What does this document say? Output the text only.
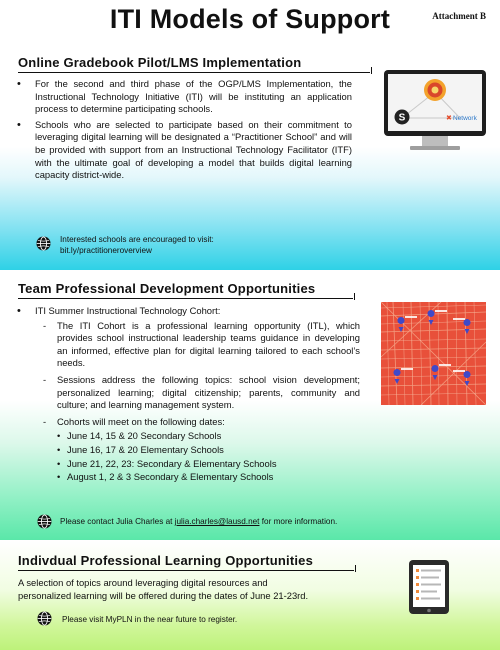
ITI Models of Support	Attachment B
Online Gradebook Pilot/LMS Implementation
• For the second and third phase of the OGP/LMS Implementation, the Instructional Technology Initiative (ITI) will be instituting an application process to determine participating schools.
• Schools who are selected to participate based on their commitment to leveraging digital learning will be designated a “Practitioner School” and will be provided with support from an Instructional Technology Facilitator (ITF) with the ultimate goal of developing a model that builds digital learning capacity district-wide.
S	✖ Network
Interested schools are encouraged to visit:
bit.ly/practitioneroverview
Team Professional Development Opportunities
• ITI Summer Instructional Technology Cohort:
- The ITI Cohort is a professional learning opportunity (ITL), which provides school instructional leadership teams guidance in developing an informed, effective plan for digital learning tailored to each school’s needs.
- Sessions address the following topics: school vision development; personalized learning; digital citizenship; parents, community and culture; and learning management system.
- Cohorts will meet on the following dates:
• June 14, 15 & 20 Secondary Schools
• June 16, 17 & 20 Elementary Schools
• June 21, 22, 23: Secondary & Elementary Schools
• August 1, 2 & 3 Secondary & Elementary Schools
Please contact Julia Charles at julia.charles@lausd.net for more information.
Indivdual Professional Learning Opportunities
A selection of topics around leveraging digital resources and personalized learning will be offered during the dates of June 21-23rd.
Please visit MyPLN in the near future to register.
